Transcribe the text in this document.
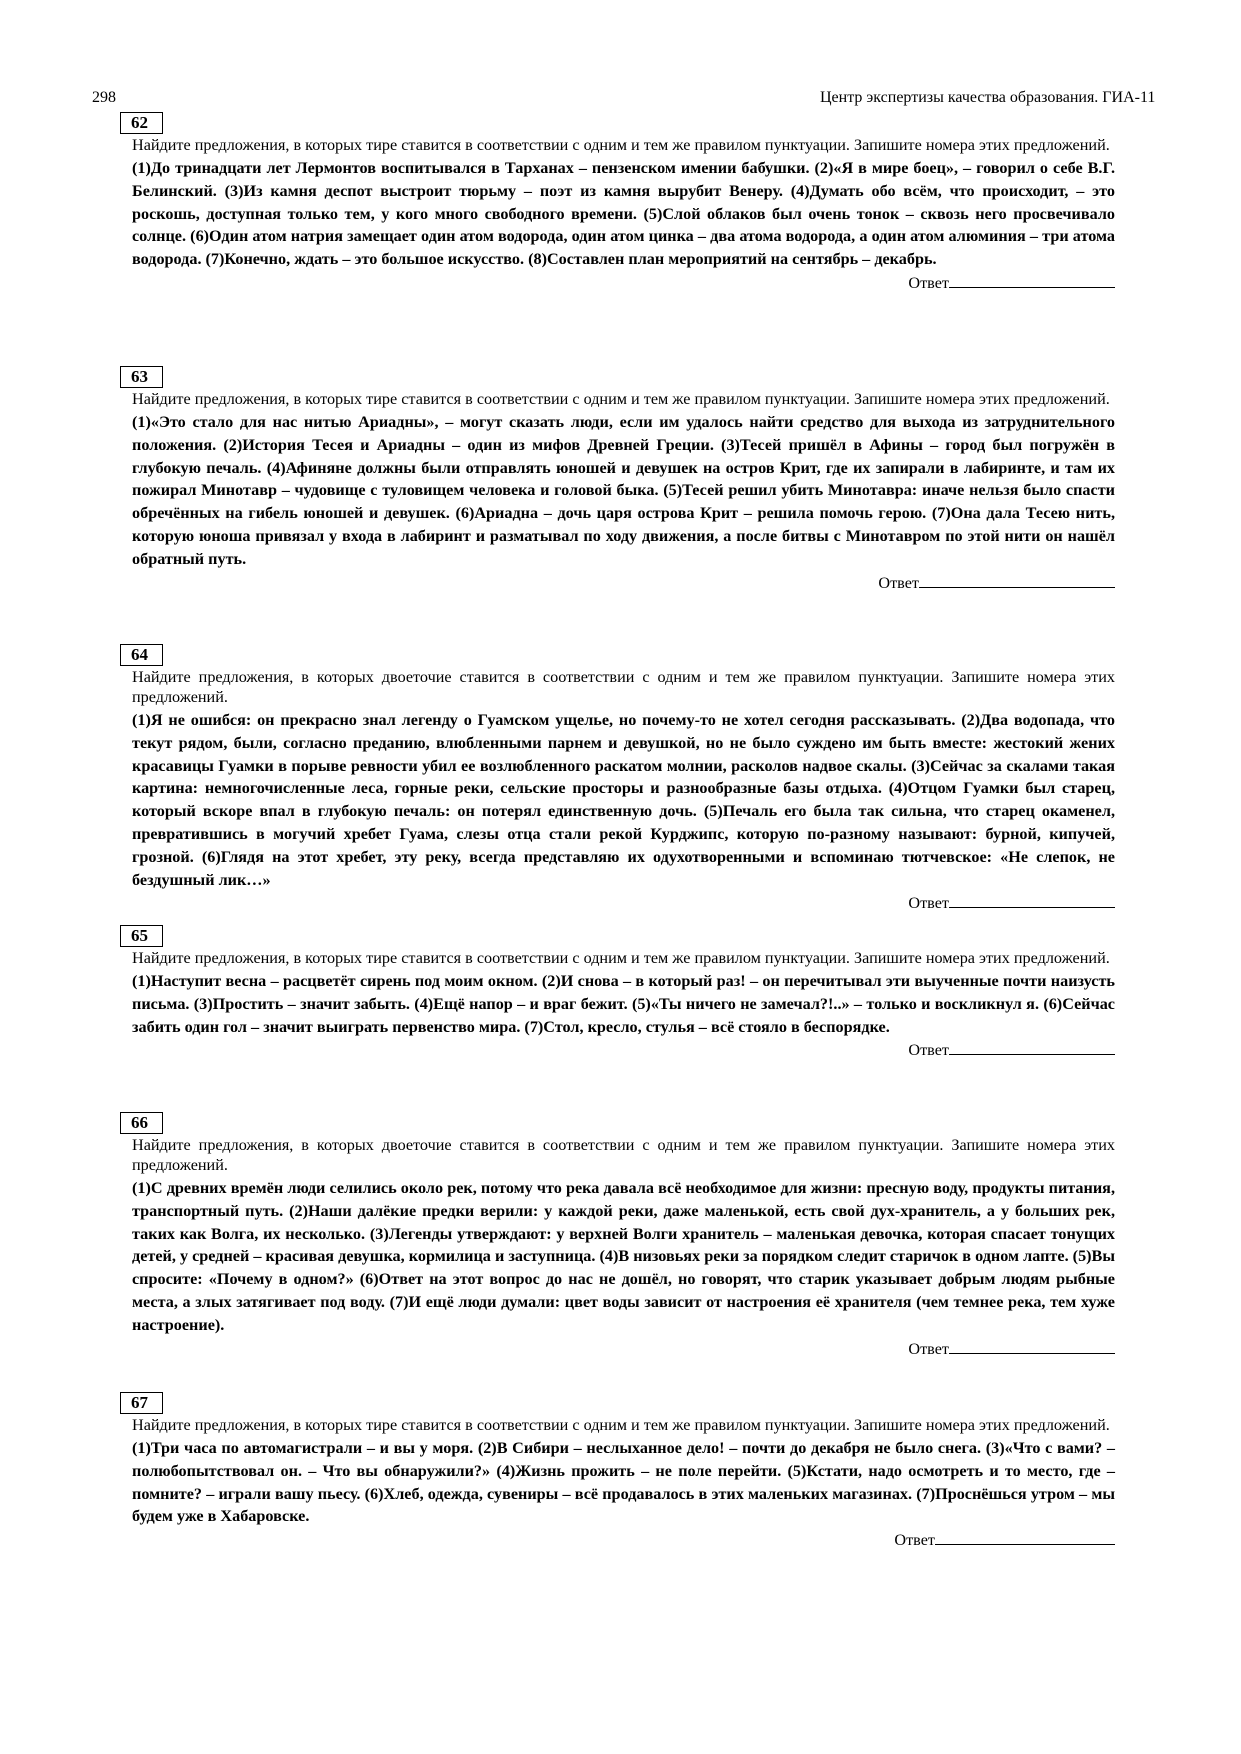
298	Центр экспертизы качества образования. ГИА-11
62
Найдите предложения, в которых тире ставится в соответствии с одним и тем же правилом пунктуации. Запишите номера этих предложений.
(1)До тринадцати лет Лермонтов воспитывался в Тарханах – пензенском имении бабушки. (2)«Я в мире боец», – говорил о себе В.Г. Белинский. (3)Из камня деспот выстроит тюрьму – поэт из камня вырубит Венеру. (4)Думать обо всём, что происходит, – это роскошь, доступная только тем, у кого много свободного времени. (5)Слой облаков был очень тонок – сквозь него просвечивало солнце. (6)Один атом натрия замещает один атом водорода, один атом цинка – два атома водорода, а один атом алюминия – три атома водорода. (7)Конечно, ждать – это большое искусство. (8)Составлен план мероприятий на сентябрь – декабрь.
Ответ
63
Найдите предложения, в которых тире ставится в соответствии с одним и тем же правилом пунктуации. Запишите номера этих предложений.
(1)«Это стало для нас нитью Ариадны», – могут сказать люди, если им удалось найти средство для выхода из затруднительного положения. (2)История Тесея и Ариадны – один из мифов Древней Греции. (3)Тесей пришёл в Афины – город был погружён в глубокую печаль. (4)Афиняне должны были отправлять юношей и девушек на остров Крит, где их запирали в лабиринте, и там их пожирал Минотавр – чудовище с туловищем человека и головой быка. (5)Тесей решил убить Минотавра: иначе нельзя было спасти обречённых на гибель юношей и девушек. (6)Ариадна – дочь царя острова Крит – решила помочь герою. (7)Она дала Тесею нить, которую юноша привязал у входа в лабиринт и разматывал по ходу движения, а после битвы с Минотавром по этой нити он нашёл обратный путь.
Ответ
64
Найдите предложения, в которых двоеточие ставится в соответствии с одним и тем же правилом пунктуации. Запишите номера этих предложений.
(1)Я не ошибся: он прекрасно знал легенду о Гуамском ущелье, но почему-то не хотел сегодня рассказывать. (2)Два водопада, что текут рядом, были, согласно преданию, влюбленными парнем и девушкой, но не было суждено им быть вместе: жестокий жених красавицы Гуамки в порыве ревности убил ее возлюбленного раскатом молнии, расколов надвое скалы. (3)Сейчас за скалами такая картина: немногочисленные леса, горные реки, сельские просторы и разнообразные базы отдыха. (4)Отцом Гуамки был старец, который вскоре впал в глубокую печаль: он потерял единственную дочь. (5)Печаль его была так сильна, что старец окаменел, превратившись в могучий хребет Гуама, слезы отца стали рекой Курджипс, которую по-разному называют: бурной, кипучей, грозной. (6)Глядя на этот хребет, эту реку, всегда представляю их одухотворенными и вспоминаю тютчевское: «Не слепок, не бездушный лик…»
Ответ
65
Найдите предложения, в которых тире ставится в соответствии с одним и тем же правилом пунктуации. Запишите номера этих предложений.
(1)Наступит весна – расцветёт сирень под моим окном. (2)И снова – в который раз! – он перечитывал эти выученные почти наизусть письма. (3)Простить – значит забыть. (4)Ещё напор – и враг бежит. (5)«Ты ничего не замечал?!..» – только и воскликнул я. (6)Сейчас забить один гол – значит выиграть первенство мира. (7)Стол, кресло, стулья – всё стояло в беспорядке.
Ответ
66
Найдите предложения, в которых двоеточие ставится в соответствии с одним и тем же правилом пунктуации. Запишите номера этих предложений.
(1)С древних времён люди селились около рек, потому что река давала всё необходимое для жизни: пресную воду, продукты питания, транспортный путь. (2)Наши далёкие предки верили: у каждой реки, даже маленькой, есть свой дух-хранитель, а у больших рек, таких как Волга, их несколько. (3)Легенды утверждают: у верхней Волги хранитель – маленькая девочка, которая спасает тонущих детей, у средней – красивая девушка, кормилица и заступница. (4)В низовьях реки за порядком следит старичок в одном лапте. (5)Вы спросите: «Почему в одном?» (6)Ответ на этот вопрос до нас не дошёл, но говорят, что старик указывает добрым людям рыбные места, а злых затягивает под воду. (7)И ещё люди думали: цвет воды зависит от настроения её хранителя (чем темнее река, тем хуже настроение).
Ответ
67
Найдите предложения, в которых тире ставится в соответствии с одним и тем же правилом пунктуации. Запишите номера этих предложений.
(1)Три часа по автомагистрали – и вы у моря. (2)В Сибири – неслыханное дело! – почти до декабря не было снега. (3)«Что с вами? – полюбопытствовал он. – Что вы обнаружили?» (4)Жизнь прожить – не поле перейти. (5)Кстати, надо осмотреть и то место, где – помните? – играли вашу пьесу. (6)Хлеб, одежда, сувениры – всё продавалось в этих маленьких магазинах. (7)Проснёшься утром – мы будем уже в Хабаровске.
Ответ
